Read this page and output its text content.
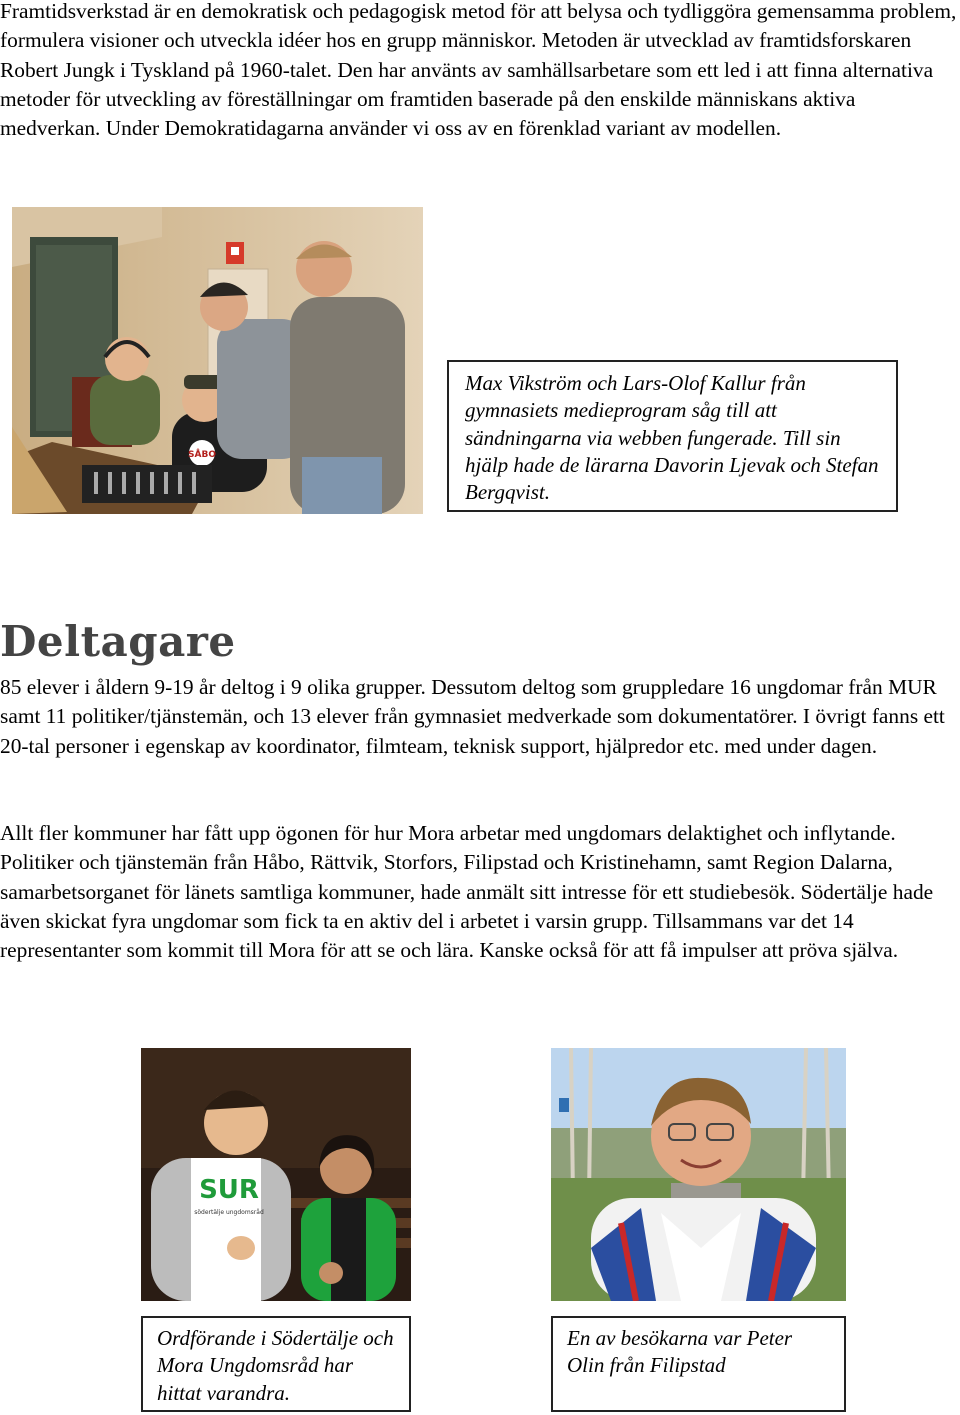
Framtidsverkstad är en demokratisk och pedagogisk metod för att belysa och tydliggöra gemensamma problem, formulera visioner och utveckla idéer hos en grupp människor. Metoden är utvecklad av framtidsforskaren Robert Jungk i Tyskland på 1960-talet. Den har använts av samhällsarbetare som ett led i att finna alternativa metoder för utveckling av föreställningar om framtiden baserade på den enskilde människans aktiva medverkan. Under Demokratidagarna använder vi oss av en förenklad variant av modellen.

SÅBO
Max Vikström och Lars-Olof Kallur från gymnasiets medieprogram såg till att sändningarna via webben fungerade. Till sin hjälp hade de lärarna Davorin Ljevak och Stefan Bergqvist.
Deltagare

85 elever i åldern 9-19 år deltog i 9 olika grupper. Dessutom deltog som gruppledare 16 ungdomar från MUR samt 11 politiker/tjänstemän, och 13 elever från gymnasiet medverkade som dokumentatörer. I övrigt fanns ett 20-tal personer i egenskap av koordinator, filmteam, teknisk support, hjälpredor etc. med under dagen.

Allt fler kommuner har fått upp ögonen för hur Mora arbetar med ungdomars delaktighet och inflytande. Politiker och tjänstemän från Håbo, Rättvik, Storfors, Filipstad och Kristinehamn, samt Region Dalarna, samarbetsorganet för länets samtliga kommuner, hade anmält sitt intresse för ett studiebesök. Södertälje hade även skickat fyra ungdomar som fick ta en aktiv del i arbetet i varsin grupp. Tillsammans var det 14 representanter som kommit till Mora för att se och lära. Kanske också för att få impulser att pröva själva.

SUR
södertälje ungdomsråd
Ordförande i Södertälje och Mora Ungdomsråd har hittat varandra.
En av besökarna var Peter Olin från Filipstad
